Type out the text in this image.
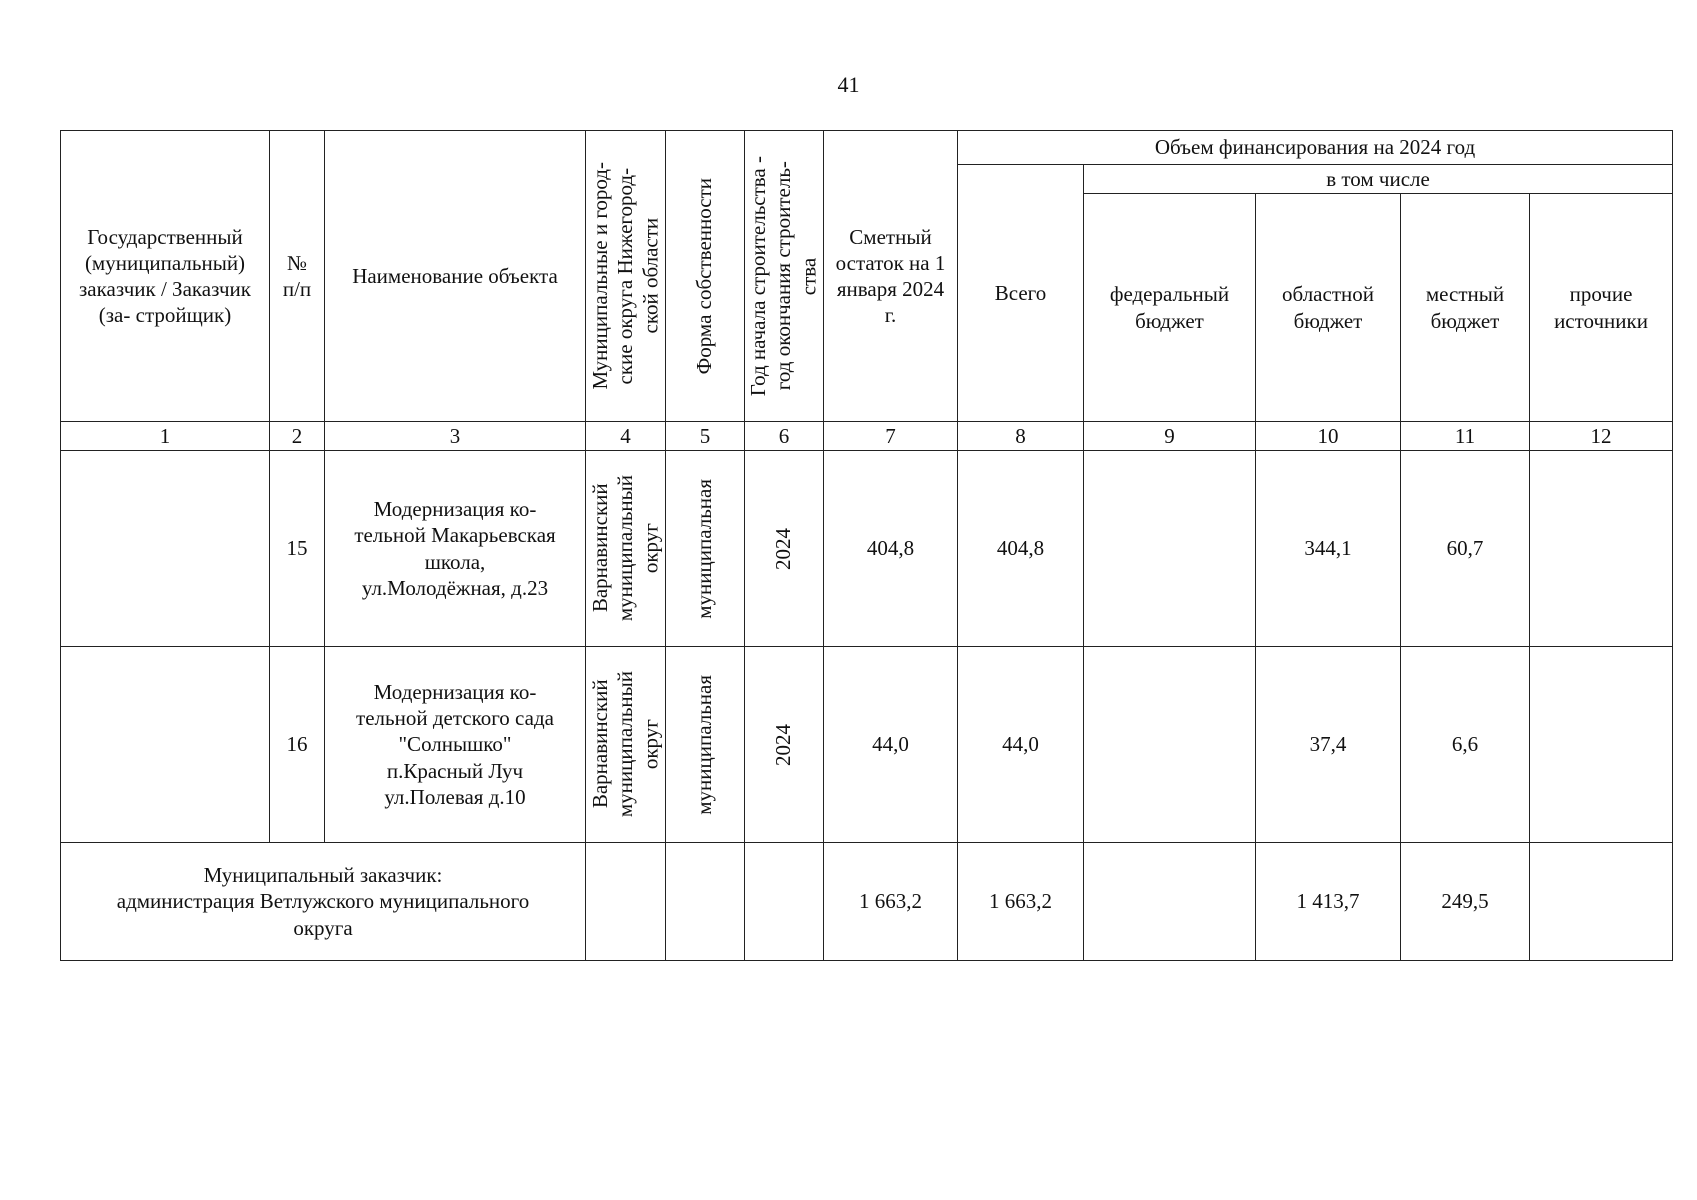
41
Государственный (муниципальный) заказчик / Заказчик (за- стройщик)	№ п/п	Наименование объекта	Муниципальные и город-
ские округа Нижегород-
ской области	Форма собственности	Год начала строительства -
год окончания строитель-
ства	Сметный остаток на 1 января 2024 г.	Объем финансирования на 2024 год				
							Всего	в том числе			
								федеральный бюджет	областной бюджет	местный бюджет	прочие источники
1	2	3	4	5	6	7	8	9	10	11	12
	15	Модернизация ко-
тельной Макарьевская
школа,
ул.Молодёжная, д.23	Варнавинский
муниципальный
округ	муниципальная	2024	404,8	404,8		344,1	60,7	
	16	Модернизация ко-
тельной детского сада
"Солнышко"
п.Красный Луч
ул.Полевая д.10	Варнавинский
муниципальный
округ	муниципальная	2024	44,0	44,0		37,4	6,6	
Муниципальный заказчик:
администрация Ветлужского муниципального
округа						1 663,2	1 663,2		1 413,7	249,5	
